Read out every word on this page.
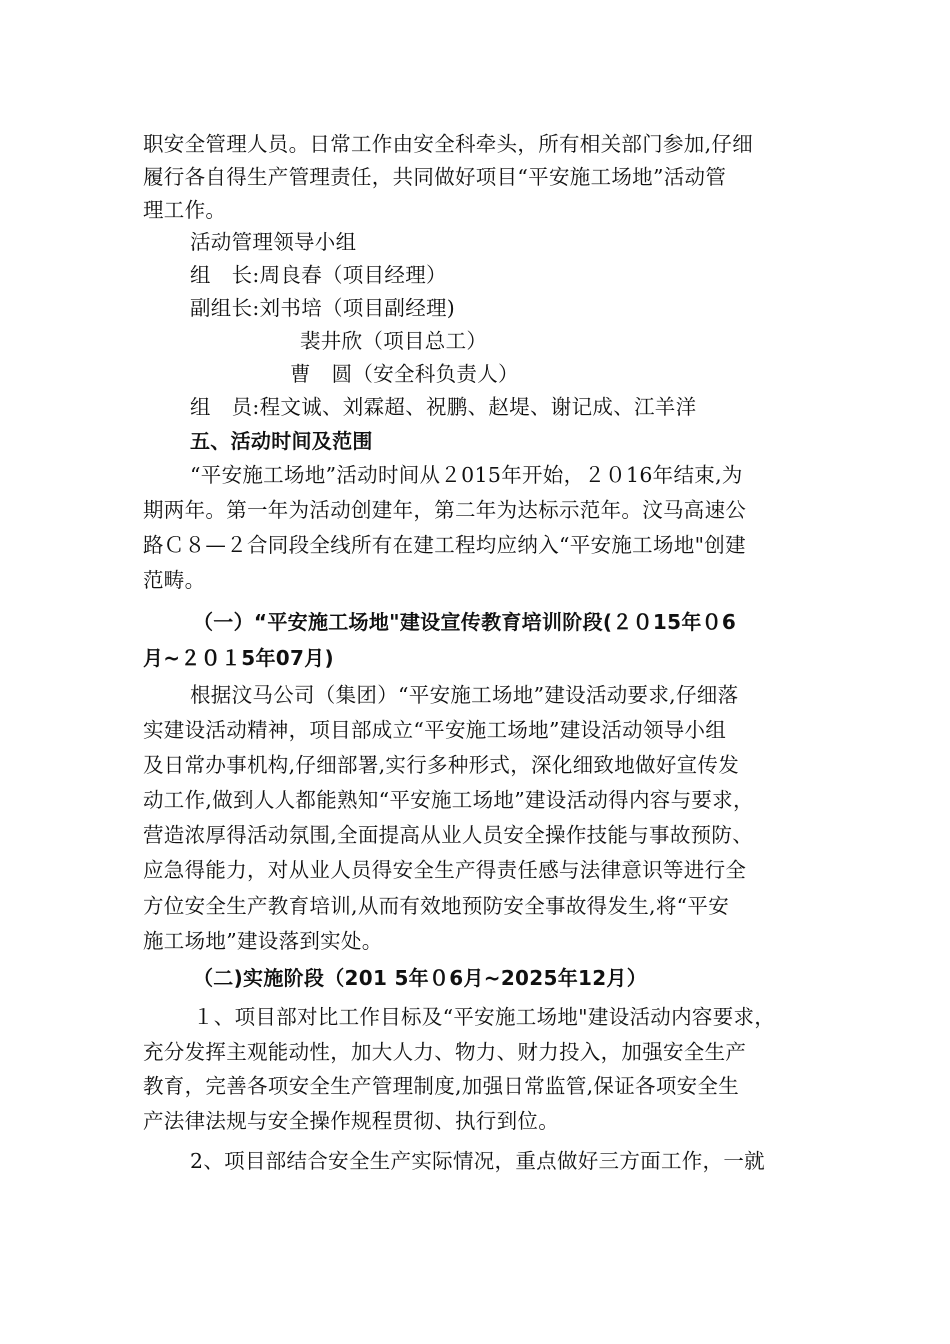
职安全管理人员。日常工作由安全科牵头，所有相关部门参加,仔细
履行各自得生产管理责任，共同做好项目“平安施工场地”活动管
理工作。
活动管理领导小组
组　长:周良春（项目经理）
副组长:刘书培（项目副经理)
裴井欣（项目总工）
曹　圆（安全科负责人）
组　员:程文诚、刘霖超、祝鹏、赵堤、谢记成、江羊洋
五、活动时间及范围
“平安施工场地”活动时间从２015年开始，２０16年结束,为
期两年。第一年为活动创建年，第二年为达标示范年。汶马高速公
路Ｃ８—２合同段全线所有在建工程均应纳入“平安施工场地"创建
范畴。
（一）“平安施工场地"建设宣传教育培训阶段(２０15年０6
月~２０１5年07月)
根据汶马公司（集团）“平安施工场地”建设活动要求,仔细落
实建设活动精神，项目部成立“平安施工场地”建设活动领导小组
及日常办事机构,仔细部署,实行多种形式，深化细致地做好宣传发
动工作,做到人人都能熟知“平安施工场地”建设活动得内容与要求，
营造浓厚得活动氛围,全面提高从业人员安全操作技能与事故预防、
应急得能力，对从业人员得安全生产得责任感与法律意识等进行全
方位安全生产教育培训,从而有效地预防安全事故得发生,将“平安
施工场地”建设落到实处。
（二)实施阶段（201 5年０6月~2025年12月）
１、项目部对比工作目标及“平安施工场地"建设活动内容要求，
充分发挥主观能动性，加大人力、物力、财力投入，加强安全生产
教育，完善各项安全生产管理制度,加强日常监管,保证各项安全生
产法律法规与安全操作规程贯彻、执行到位。
2、项目部结合安全生产实际情况，重点做好三方面工作，一就
